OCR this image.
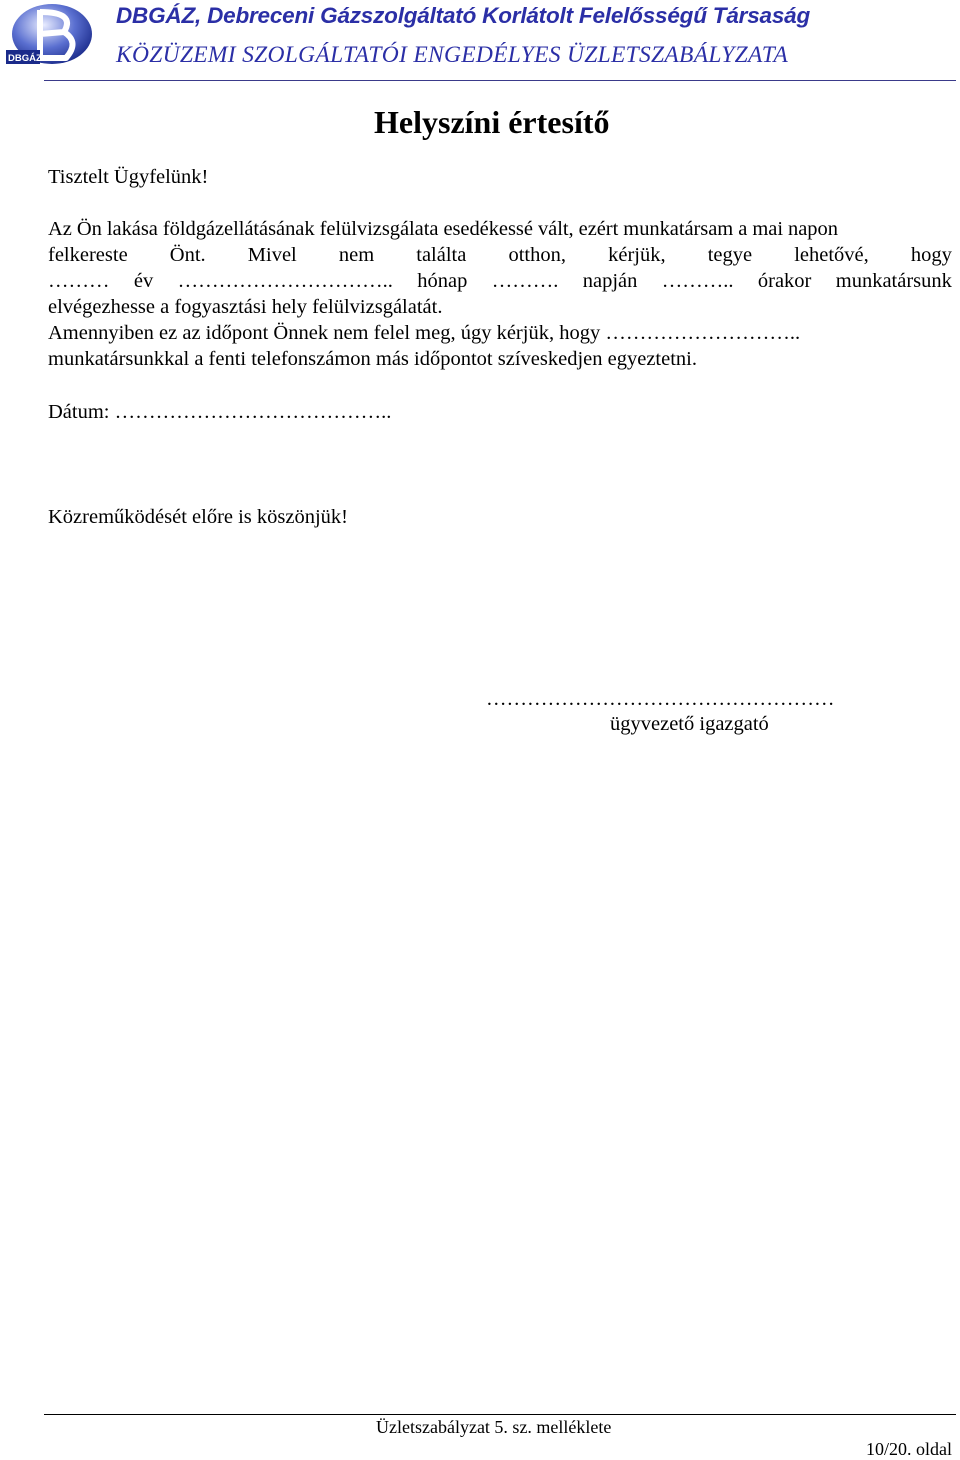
DBGÁZ
DBGÁZ, Debreceni Gázszolgáltató Korlátolt Felelősségű Társaság
KÖZÜZEMI SZOLGÁLTATÓI ENGEDÉLYES ÜZLETSZABÁLYZATA
Helyszíni értesítő
Tisztelt Ügyfelünk!
Az Ön lakása földgázellátásának felülvizsgálata esedékessé vált, ezért munkatársam a mai napon
felkereste Önt. Mivel nem találta otthon, kérjük, tegye lehetővé, hogy
……… év ………………………….. hónap ………. napján ……….. órakor munkatársunk
elvégezhesse a fogyasztási hely felülvizsgálatát.
Amennyiben ez az időpont Önnek nem felel meg, úgy kérjük, hogy ………………………..
munkatársunkkal a fenti telefonszámon más időpontot szíveskedjen egyeztetni.
Dátum: …………………………………..
Közreműködését előre is köszönjük!
……………………………………………
ügyvezető igazgató
Üzletszabályzat 5. sz. melléklete
10/20. oldal
